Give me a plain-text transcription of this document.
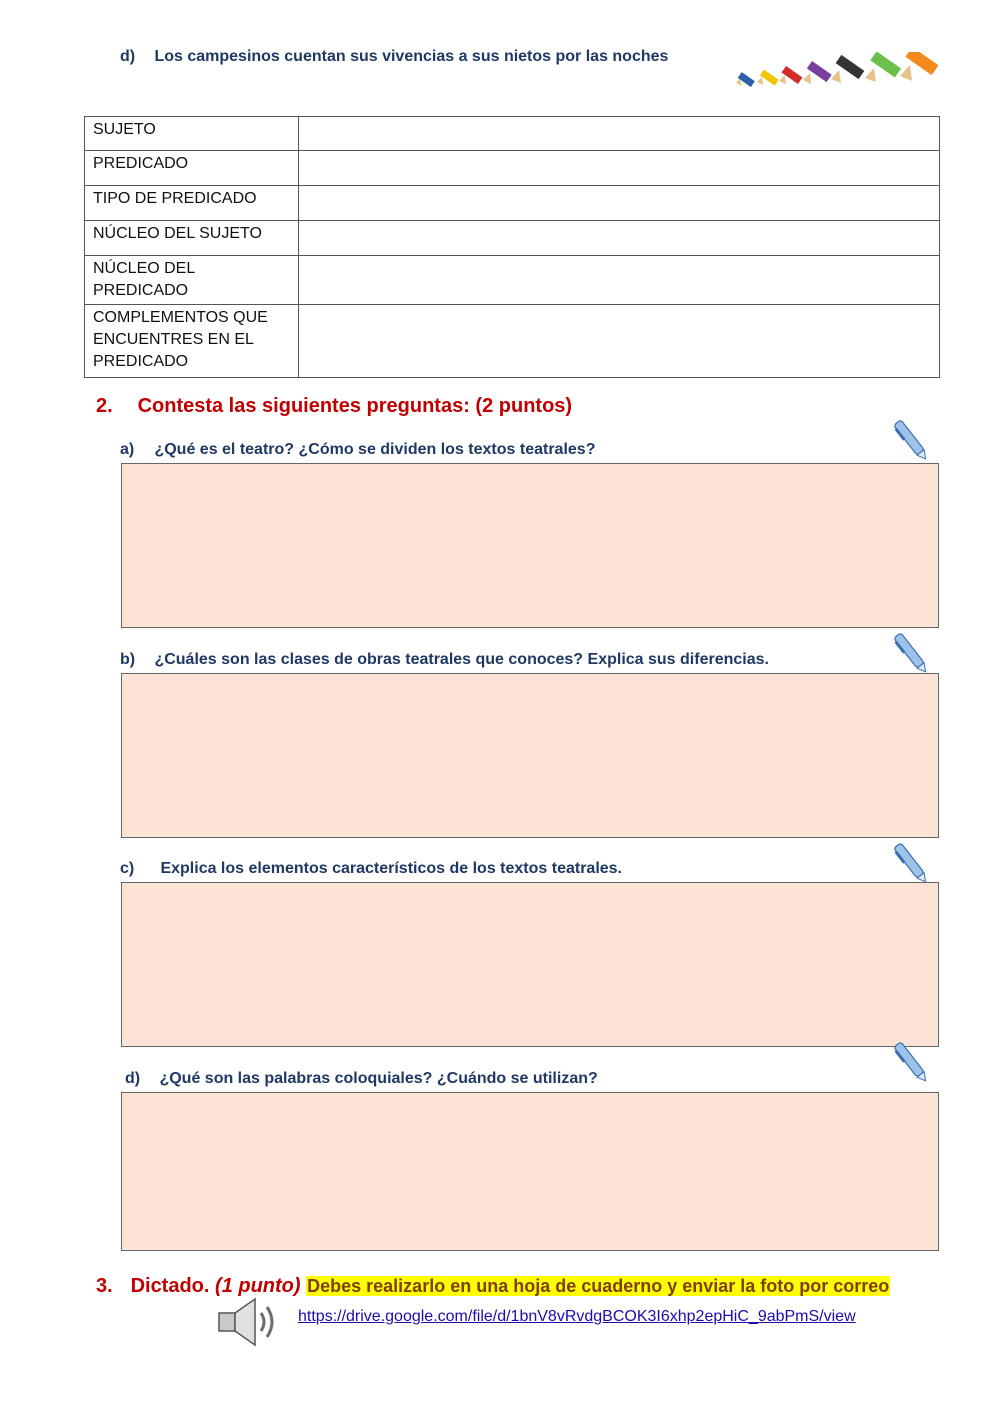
d) Los campesinos cuentan sus vivencias a sus nietos por las noches
SUJETO	
PREDICADO	
TIPO DE PREDICADO	
NÚCLEO DEL SUJETO	
NÚCLEO DEL PREDICADO	

COMPLEMENTOS QUE
ENCUENTRES EN EL
PREDICADO	

2. Contesta las siguientes preguntas: (2 puntos)
a) ¿Qué es el teatro? ¿Cómo se dividen los textos teatrales?
b) ¿Cuáles son las clases de obras teatrales que conoces? Explica sus diferencias.
c) Explica los elementos característicos de los textos teatrales.
d) ¿Qué son las palabras coloquiales? ¿Cuándo se utilizan?
3. Dictado. (1 punto) Debes realizarlo en una hoja de cuaderno y enviar la foto por correo
https://drive.google.com/file/d/1bnV8vRvdgBCOK3I6xhp2epHiC_9abPmS/view
